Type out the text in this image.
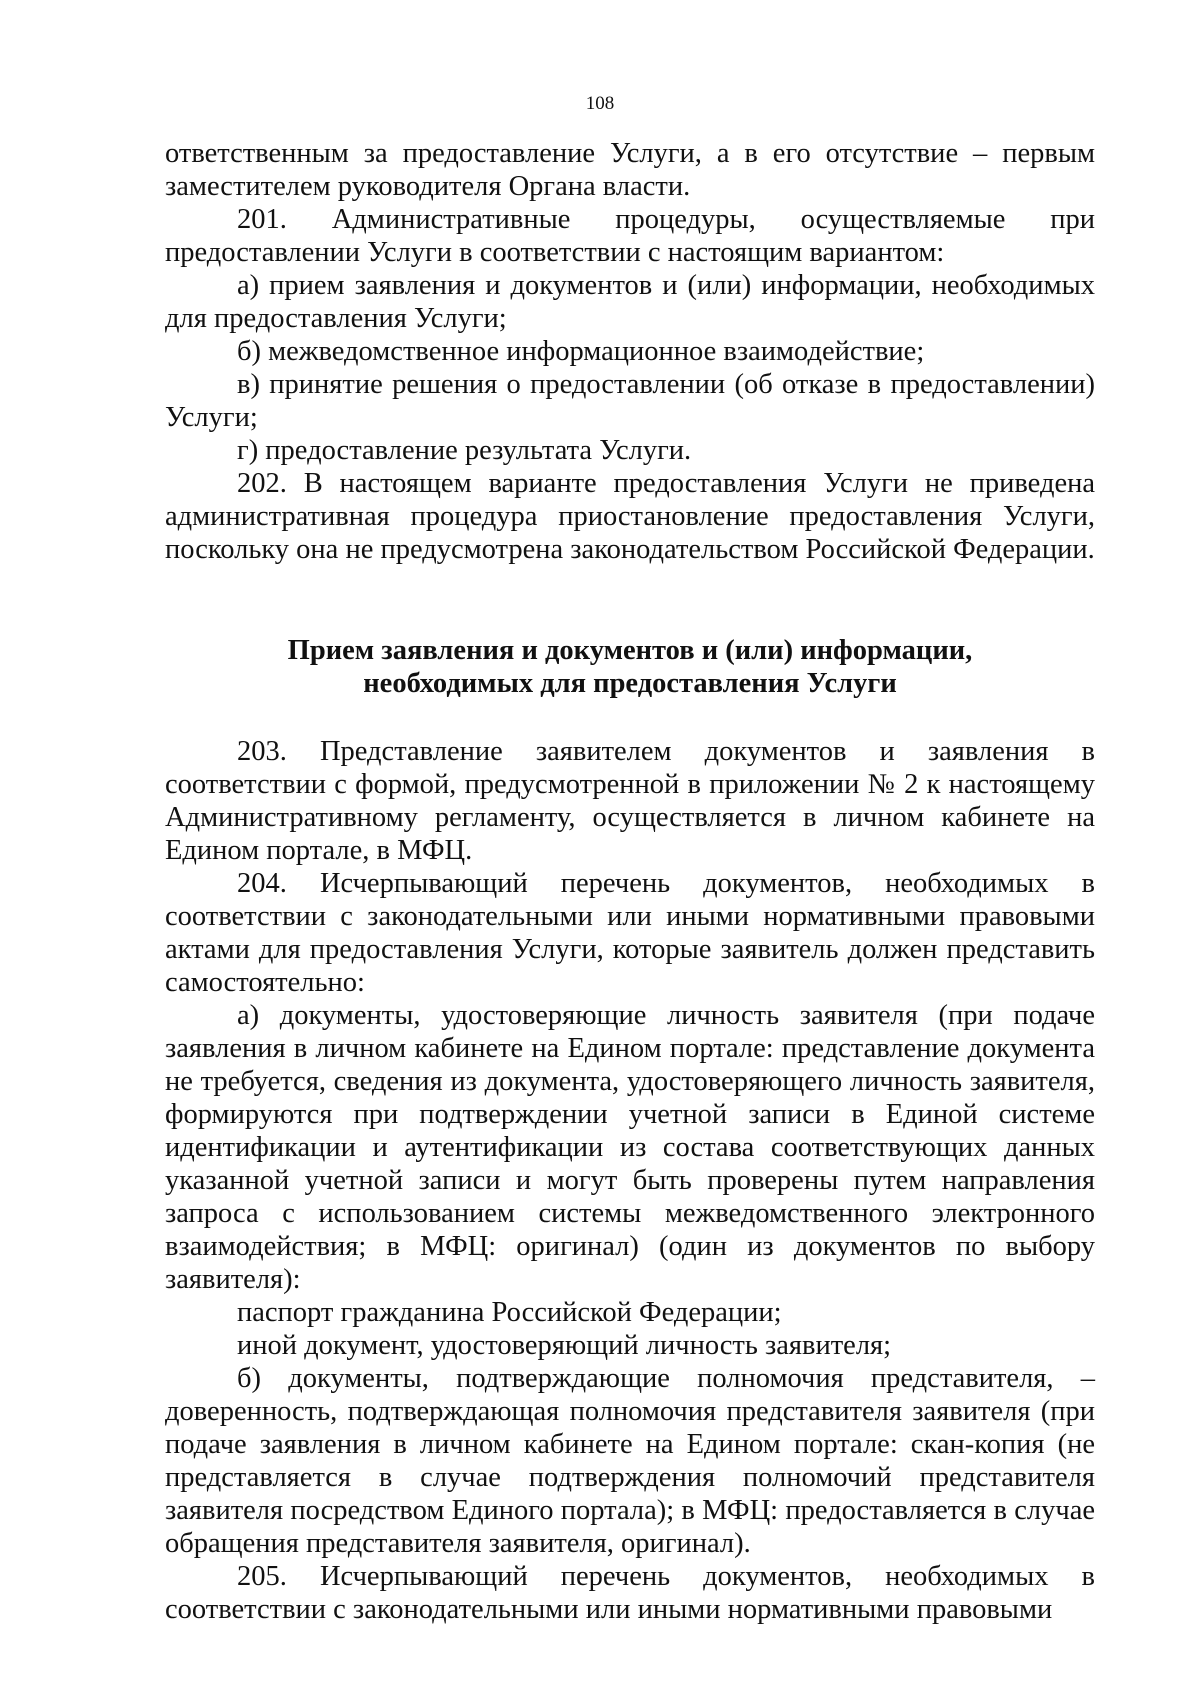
108

ответственным за предоставление Услуги, а в его отсутствие – первым заместителем руководителя Органа власти.

201. Административные процедуры, осуществляемые при предоставлении Услуги в соответствии с настоящим вариантом:

а) прием заявления и документов и (или) информации, необходимых для предоставления Услуги;

б) межведомственное информационное взаимодействие;

в) принятие решения о предоставлении (об отказе в предоставлении) Услуги;

г) предоставление результата Услуги.

202. В настоящем варианте предоставления Услуги не приведена административная процедура приостановление предоставления Услуги, поскольку она не предусмотрена законодательством Российской Федерации.

Прием заявления и документов и (или) информации,
необходимых для предоставления Услуги

203. Представление заявителем документов и заявления в соответствии с формой, предусмотренной в приложении № 2 к настоящему Административному регламенту, осуществляется в личном кабинете на Едином портале, в МФЦ.

204. Исчерпывающий перечень документов, необходимых в соответствии с законодательными или иными нормативными правовыми актами для предоставления Услуги, которые заявитель должен представить самостоятельно:

а) документы, удостоверяющие личность заявителя (при подаче заявления в личном кабинете на Едином портале: представление документа не требуется, сведения из документа, удостоверяющего личность заявителя, формируются при подтверждении учетной записи в Единой системе идентификации и аутентификации из состава соответствующих данных указанной учетной записи и могут быть проверены путем направления запроса с использованием системы межведомственного электронного взаимодействия; в МФЦ: оригинал) (один из документов по выбору заявителя):

паспорт гражданина Российской Федерации;

иной документ, удостоверяющий личность заявителя;

б) документы, подтверждающие полномочия представителя, – доверенность, подтверждающая полномочия представителя заявителя (при подаче заявления в личном кабинете на Едином портале: скан-копия (не представляется в случае подтверждения полномочий представителя заявителя посредством Единого портала); в МФЦ: предоставляется в случае обращения представителя заявителя, оригинал).

205. Исчерпывающий перечень документов, необходимых в соответствии с законодательными или иными нормативными правовыми
